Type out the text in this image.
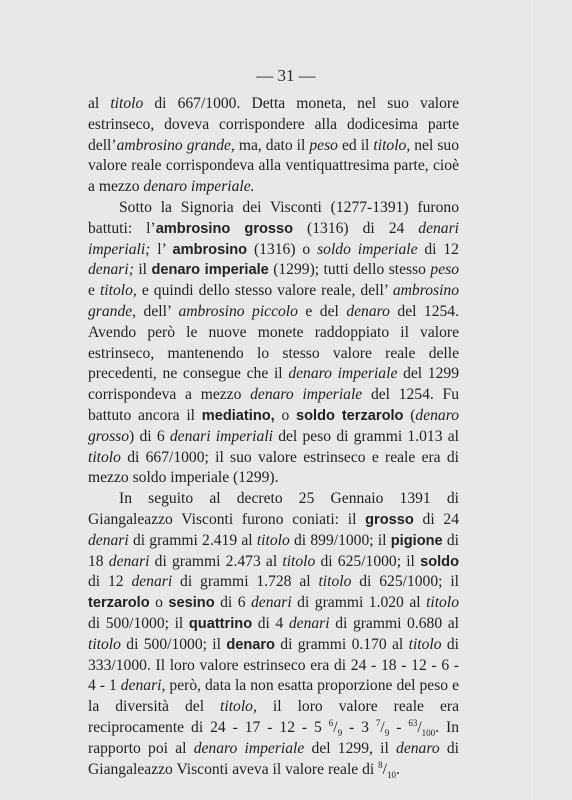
— 31 —

al titolo di 667/1000. Detta moneta, nel suo valore estrinseco, doveva corrispondere alla dodicesima parte dell’ambrosino grande, ma, dato il peso ed il titolo, nel suo valore reale corrispondeva alla ventiquattresima parte, cioè a mezzo denaro imperiale.

Sotto la Signoria dei Visconti (1277-1391) furono battuti: l’ambrosino grosso (1316) di 24 denari imperiali; l’ ambrosino (1316) o soldo imperiale di 12 denari; il denaro imperiale (1299); tutti dello stesso peso e titolo, e quindi dello stesso valore reale, dell’ ambrosino grande, dell’ ambrosino piccolo e del denaro del 1254. Avendo però le nuove monete raddoppiato il valore estrinseco, mantenendo lo stesso valore reale delle precedenti, ne consegue che il denaro imperiale del 1299 corrispondeva a mezzo denaro imperiale del 1254. Fu battuto ancora il mediatino, o soldo terzarolo (denaro grosso) di 6 denari imperiali del peso di grammi 1.013 al titolo di 667/1000; il suo valore estrinseco e reale era di mezzo soldo imperiale (1299).

In seguito al decreto 25 Gennaio 1391 di Giangaleazzo Visconti furono coniati: il grosso di 24 denari di grammi 2.419 al titolo di 899/1000; il pigione di 18 denari di grammi 2.473 al titolo di 625/1000; il soldo di 12 denari di grammi 1.728 al titolo di 625/1000; il terzarolo o sesino di 6 denari di grammi 1.020 al titolo di 500/1000; il quattrino di 4 denari di grammi 0.680 al titolo di 500/1000; il denaro di grammi 0.170 al titolo di 333/1000. Il loro valore estrinseco era di 24 - 18 - 12 - 6 - 4 - 1 denari, però, data la non esatta proporzione del peso e la diversità del titolo, il loro valore reale era reciprocamente di 24 - 17 - 12 - 5 $^6/_9 - 3$ $^7/_9 - ^{63}/_{100}$. In rapporto poi al denaro imperiale del 1299, il denaro di Giangaleazzo Visconti aveva il valore reale di $^8/_{10}$.
